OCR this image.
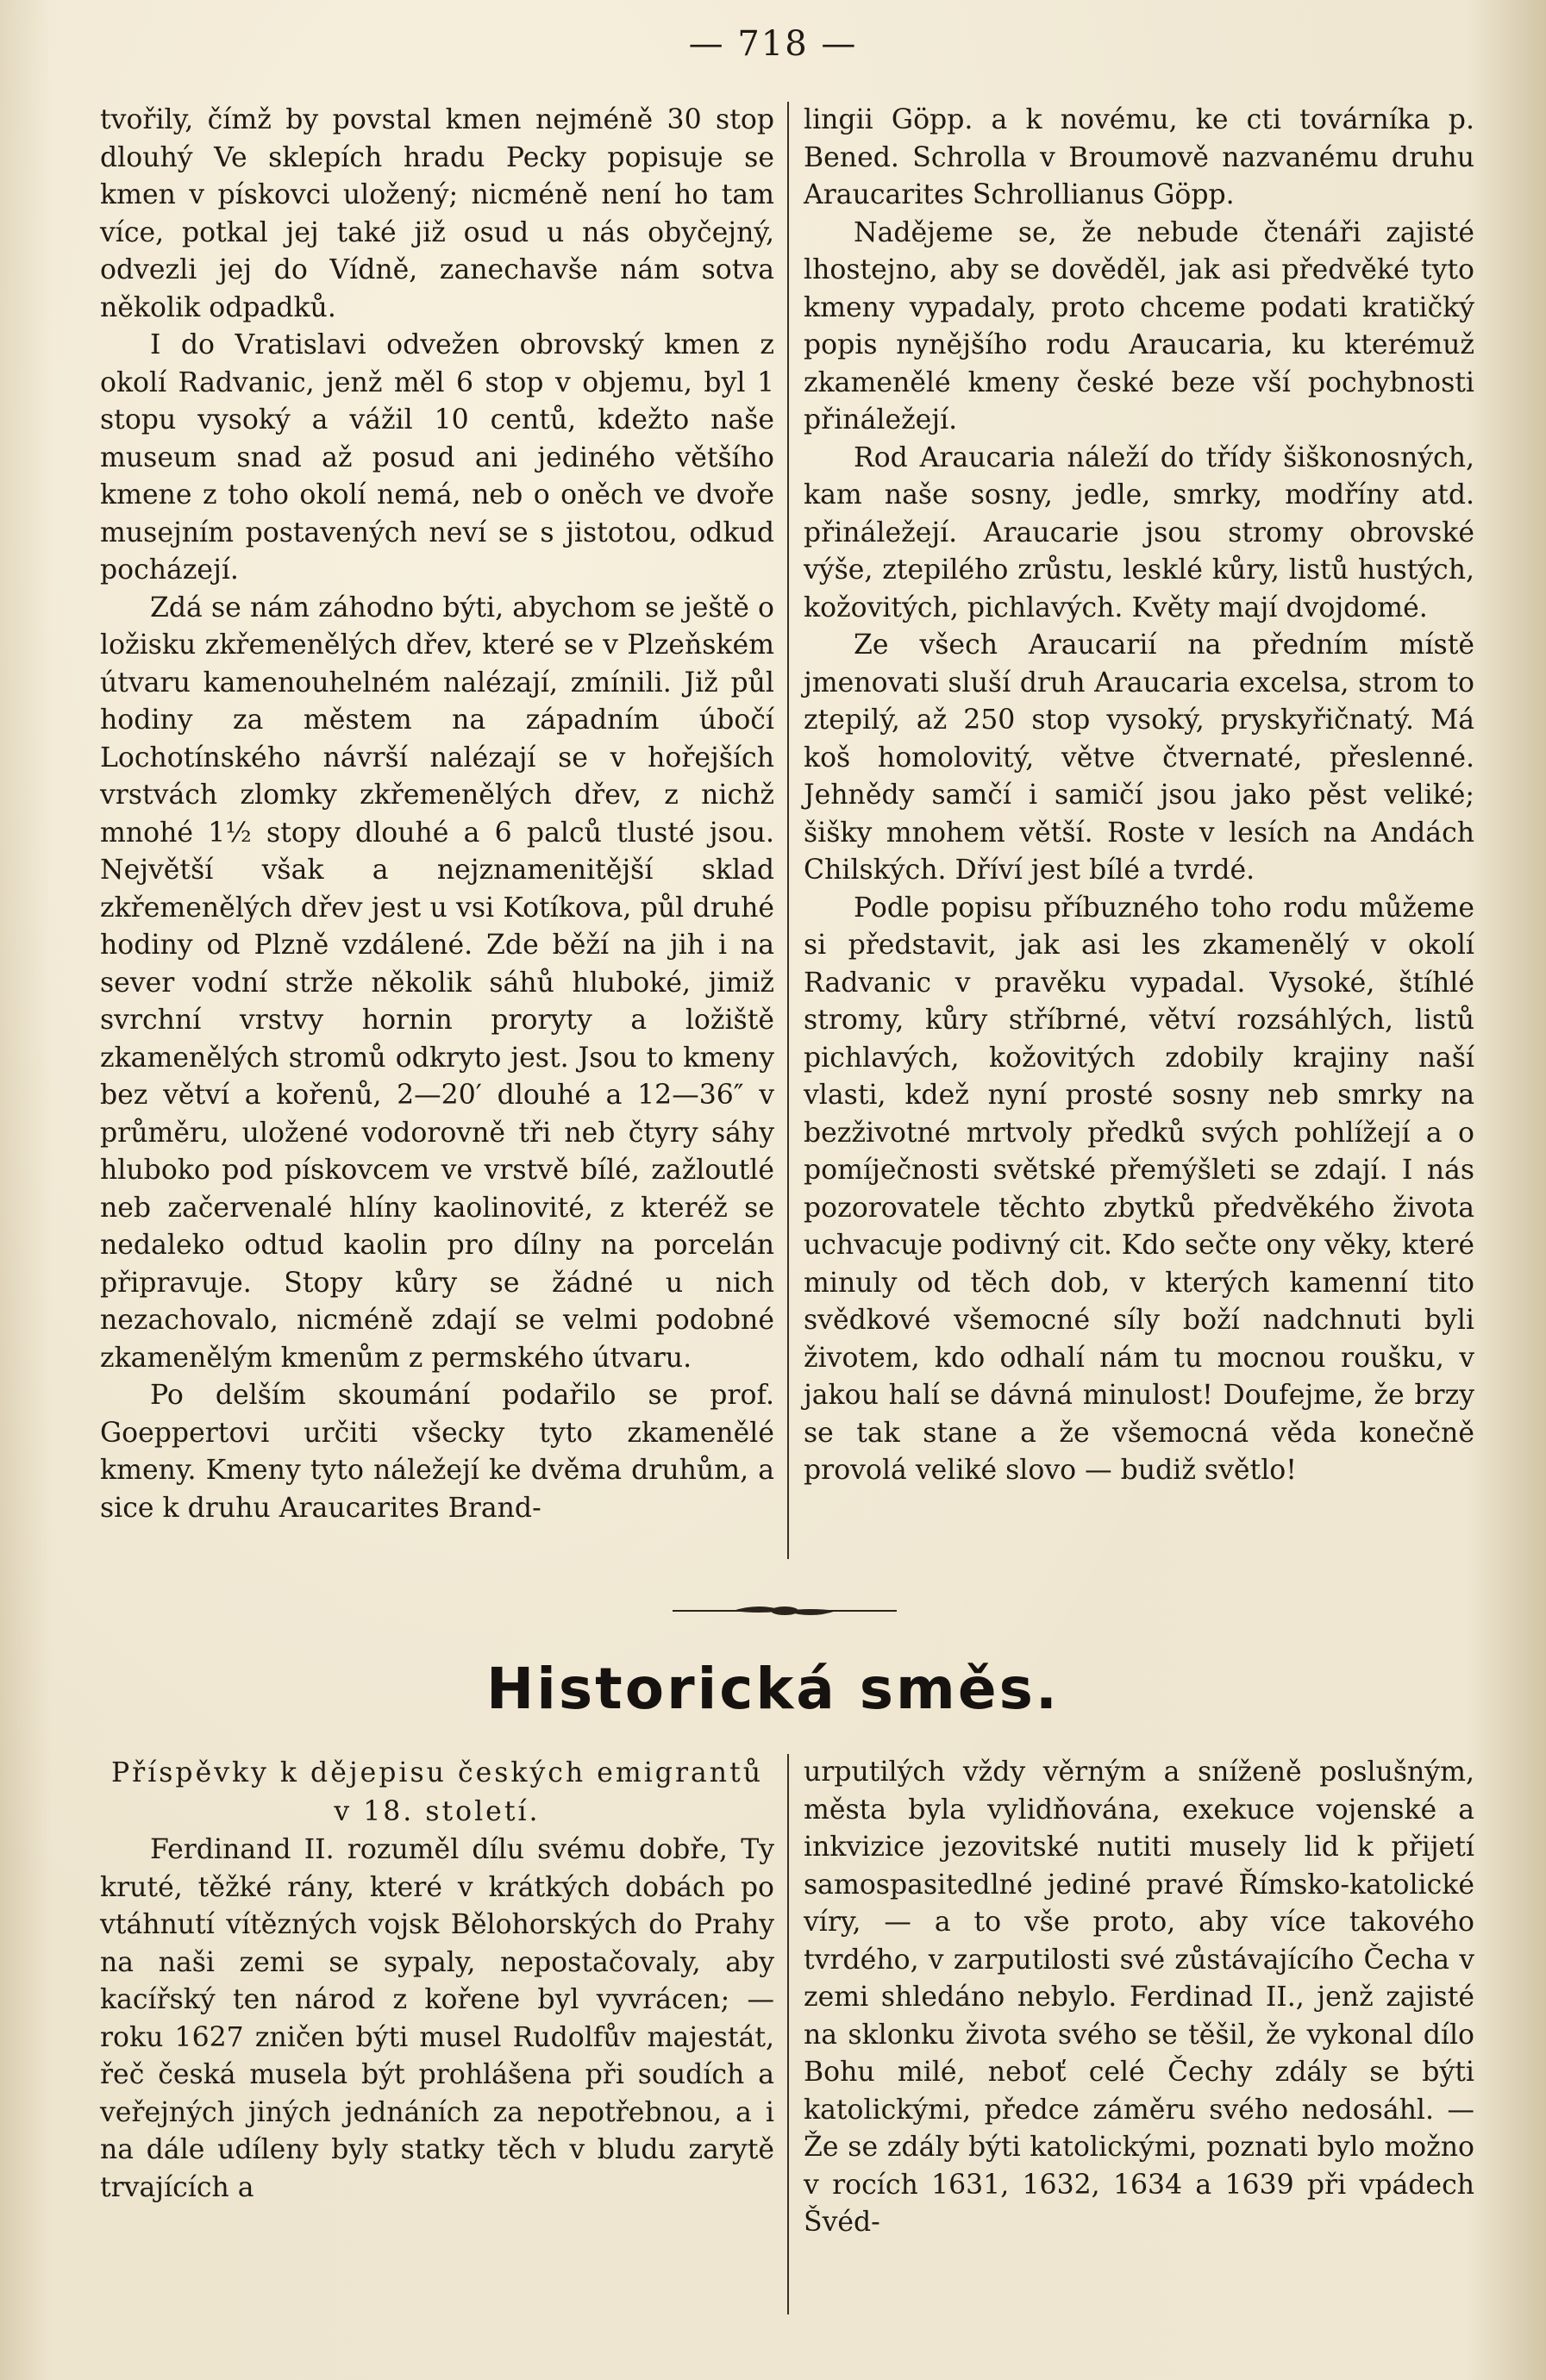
— 718 —

tvořily, čímž by povstal kmen nejméně 30 stop dlouhý Ve sklepích hradu Pecky popisuje se kmen v pískovci uložený; nicméně není ho tam více, potkal jej také již osud u nás obyčejný, odvezli jej do Vídně, zanechavše nám sotva několik odpadků.

I do Vratislavi odvežen obrovský kmen z okolí Radvanic, jenž měl 6 stop v objemu, byl 1 stopu vysoký a vážil 10 centů, kdežto naše museum snad až posud ani jediného většího kmene z toho okolí nemá, neb o oněch ve dvoře musejním postavených neví se s jistotou, odkud pocházejí.

Zdá se nám záhodno býti, abychom se ještě o ložisku zkřemenělých dřev, které se v Plzeňském útvaru kamenouhelném nalézají, zmínili. Již půl hodiny za městem na západním úbočí Lochotínského návrší nalézají se v hořejších vrstvách zlomky zkřemenělých dřev, z nichž mnohé 1½ stopy dlouhé a 6 palců tlusté jsou. Největší však a nejznamenitější sklad zkřemenělých dřev jest u vsi Kotíkova, půl druhé hodiny od Plzně vzdálené. Zde běží na jih i na sever vodní strže několik sáhů hluboké, jimiž svrchní vrstvy hornin proryty a ložiště zkamenělých stromů odkryto jest. Jsou to kmeny bez větví a kořenů, 2—20′ dlouhé a 12—36″ v průměru, uložené vodorovně tři neb čtyry sáhy hluboko pod pískovcem ve vrstvě bílé, zažloutlé neb začervenalé hlíny kaolinovité, z kteréž se nedaleko odtud kaolin pro dílny na porcelán připravuje. Stopy kůry se žádné u nich nezachovalo, nicméně zdají se velmi podobné zkamenělým kmenům z permského útvaru.

Po delším skoumání podařilo se prof. Goeppertovi určiti všecky tyto zkamenělé kmeny. Kmeny tyto náležejí ke dvěma druhům, a sice k druhu Araucarites Brand-

lingii Göpp. a k novému, ke cti továrníka p. Bened. Schrolla v Broumově nazvanému druhu Araucarites Schrollianus Göpp.

Nadějeme se, že nebude čtenáři zajisté lhostejno, aby se dověděl, jak asi předvěké tyto kmeny vypadaly, proto chceme podati kratičký popis nynějšího rodu Araucaria, ku kterémuž zkamenělé kmeny české beze vší pochybnosti přináležejí.

Rod Araucaria náleží do třídy šiškonosných, kam naše sosny, jedle, smrky, modříny atd. přináležejí. Araucarie jsou stromy obrovské výše, ztepilého zrůstu, lesklé kůry, listů hustých, kožovitých, pichlavých. Květy mají dvojdomé.

Ze všech Araucarií na předním místě jmenovati sluší druh Araucaria excelsa, strom to ztepilý, až 250 stop vysoký, pryskyřičnatý. Má koš homolovitý, větve čtvernaté, přeslenné. Jehnědy samčí i samičí jsou jako pěst veliké; šišky mnohem větší. Roste v lesích na Andách Chilských. Dříví jest bílé a tvrdé.

Podle popisu příbuzného toho rodu můžeme si představit, jak asi les zkamenělý v okolí Radvanic v pravěku vypadal. Vysoké, štíhlé stromy, kůry stříbrné, větví rozsáhlých, listů pichlavých, kožovitých zdobily krajiny naší vlasti, kdež nyní prosté sosny neb smrky na bezživotné mrtvoly předků svých pohlížejí a o pomíječnosti světské přemýšleti se zdají. I nás pozorovatele těchto zbytků předvěkého života uchvacuje podivný cit. Kdo sečte ony věky, které minuly od těch dob, v kterých kamenní tito svědkové všemocné síly boží nadchnuti byli životem, kdo odhalí nám tu mocnou roušku, v jakou halí se dávná minulost! Doufejme, že brzy se tak stane a že všemocná věda konečně provolá veliké slovo — budiž světlo!

Historická směs.

Příspěvky k dějepisu českých emigrantů v 18. století.

Ferdinand II. rozuměl dílu svému dobře, Ty kruté, těžké rány, které v krátkých dobách po vtáhnutí vítězných vojsk Bělohorských do Prahy na naši zemi se sypaly, nepostačovaly, aby kacířský ten národ z kořene byl vyvrácen; — roku 1627 zničen býti musel Rudolfův majestát, řeč česká musela být prohlášena při soudích a veřejných jiných jednáních za nepotřebnou, a i na dále udíleny byly statky těch v bludu zarytě trvajících a

urputilých vždy věrným a sníženě poslušným, města byla vylidňována, exekuce vojenské a inkvizice jezovitské nutiti musely lid k přijetí samospasitedlné jediné pravé Římsko-katolické víry, — a to vše proto, aby více takového tvrdého, v zarputilosti své zůstávajícího Čecha v zemi shledáno nebylo. Ferdinad II., jenž zajisté na sklonku života svého se těšil, že vykonal dílo Bohu milé, neboť celé Čechy zdály se býti katolickými, předce záměru svého nedosáhl. — Že se zdály býti katolickými, poznati bylo možno v rocích 1631, 1632, 1634 a 1639 při vpádech Švéd-
